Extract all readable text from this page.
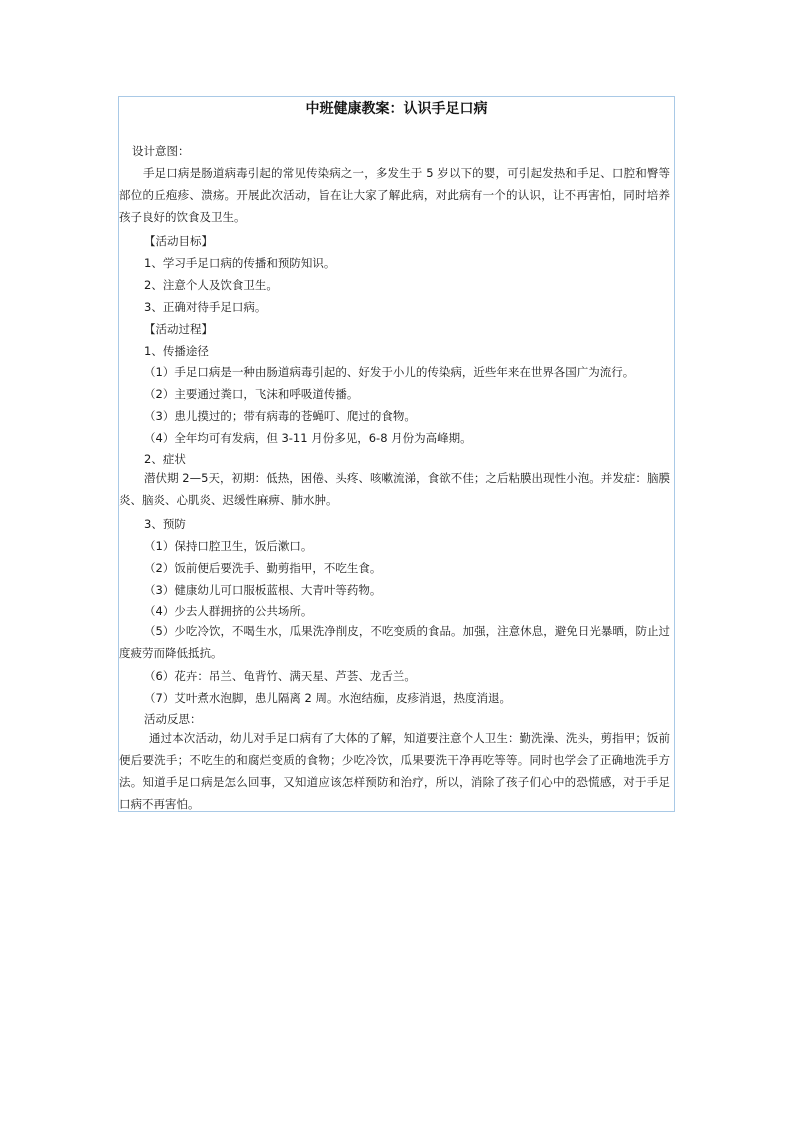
中班健康教案：认识手足口病

设计意图：

手足口病是肠道病毒引起的常见传染病之一，多发生于 5 岁以下的婴，可引起发热和手足、口腔和臀等部位的丘疱疹、溃疡。开展此次活动，旨在让大家了解此病，对此病有一个的认识，让不再害怕，同时培养孩子良好的饮食及卫生。

【活动目标】

1、学习手足口病的传播和预防知识。

2、注意个人及饮食卫生。

3、正确对待手足口病。

【活动过程】

1、传播途径

（1）手足口病是一种由肠道病毒引起的、好发于小儿的传染病，近些年来在世界各国广为流行。

（2）主要通过粪口，飞沫和呼吸道传播。

（3）患儿摸过的；带有病毒的苍蝇叮、爬过的食物。

（4）全年均可有发病，但 3-11 月份多见，6-8 月份为高峰期。

2、症状

潜伏期 2—5天，初期：低热，困倦、头疼、咳嗽流涕，食欲不佳；之后粘膜出现性小泡。并发症：脑膜炎、脑炎、心肌炎、迟缓性麻痹、肺水肿。

3、预防

（1）保持口腔卫生，饭后漱口。

（2）饭前便后要洗手、勤剪指甲，不吃生食。

（3）健康幼儿可口服板蓝根、大青叶等药物。

（4）少去人群拥挤的公共场所。

（5）少吃冷饮，不喝生水，瓜果洗净削皮，不吃变质的食品。加强，注意休息，避免日光暴晒，防止过度疲劳而降低抵抗。

（6）花卉：吊兰、龟背竹、满天星、芦荟、龙舌兰。

（7）艾叶煮水泡脚，患儿隔离 2 周。水泡结痂，皮疹消退，热度消退。

活动反思：

通过本次活动，幼儿对手足口病有了大体的了解，知道要注意个人卫生：勤洗澡、洗头，剪指甲；饭前便后要洗手；不吃生的和腐烂变质的食物；少吃冷饮，瓜果要洗干净再吃等等。同时也学会了正确地洗手方法。知道手足口病是怎么回事，又知道应该怎样预防和治疗，所以，消除了孩子们心中的恐慌感，对于手足口病不再害怕。
